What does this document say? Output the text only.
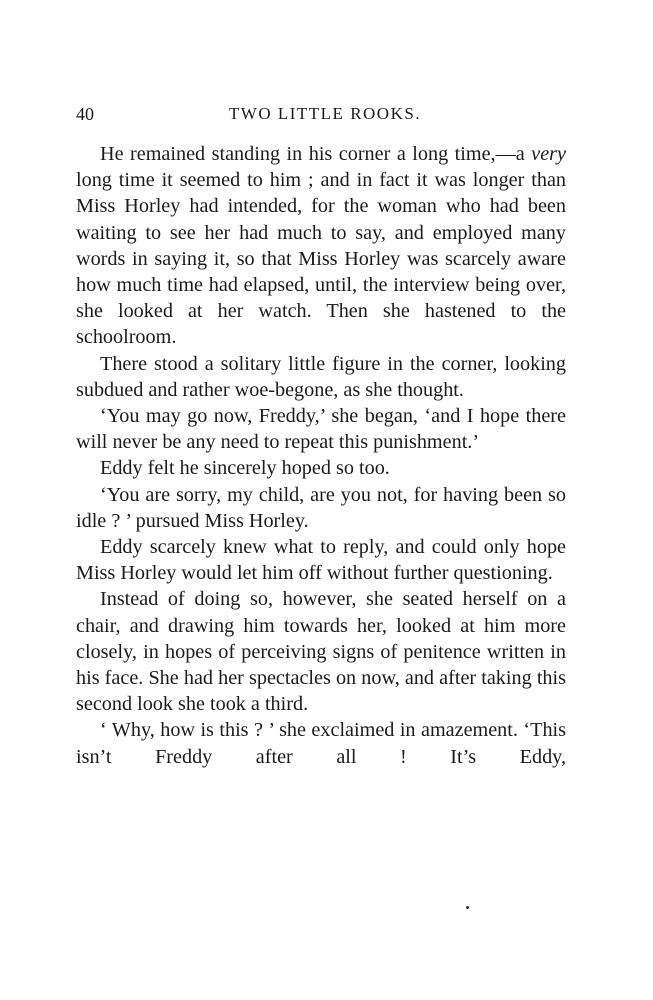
40	TWO LITTLE ROOKS.

He remained standing in his corner a long time,—a very long time it seemed to him ; and in fact it was longer than Miss Horley had intended, for the woman who had been waiting to see her had much to say, and employed many words in saying it, so that Miss Horley was scarcely aware how much time had elapsed, until, the interview being over, she looked at her watch. Then she hastened to the schoolroom.

There stood a solitary little figure in the corner, looking subdued and rather woe-begone, as she thought.

‘You may go now, Freddy,’ she began, ‘and I hope there will never be any need to repeat this punishment.’

Eddy felt he sincerely hoped so too.

‘You are sorry, my child, are you not, for having been so idle ? ’ pursued Miss Horley.

Eddy scarcely knew what to reply, and could only hope Miss Horley would let him off without further questioning.

Instead of doing so, however, she seated herself on a chair, and drawing him towards her, looked at him more closely, in hopes of perceiving signs of penitence written in his face. She had her spectacles on now, and after taking this second look she took a third.

‘ Why, how is this ? ’ she exclaimed in amazement. ‘This isn’t Freddy after all ! It’s Eddy,
